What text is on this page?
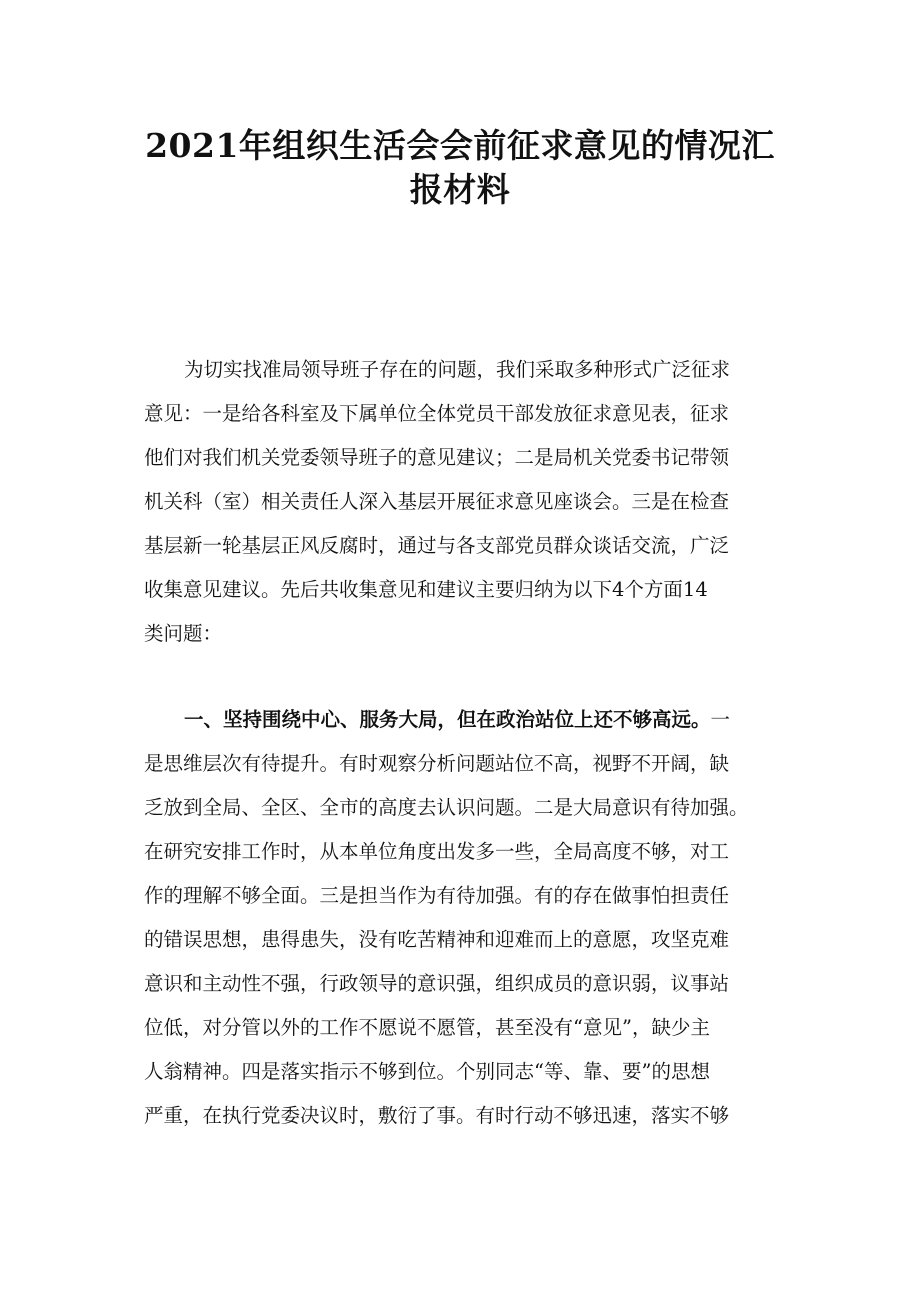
2021年组织生活会会前征求意见的情况汇
报材料
为切实找准局领导班子存在的问题，我们采取多种形式广泛征求
意见：一是给各科室及下属单位全体党员干部发放征求意见表，征求
他们对我们机关党委领导班子的意见建议；二是局机关党委书记带领
机关科（室）相关责任人深入基层开展征求意见座谈会。三是在检查
基层新一轮基层正风反腐时，通过与各支部党员群众谈话交流，广泛
收集意见建议。先后共收集意见和建议主要归纳为以下4个方面14
类问题：
一、坚持围绕中心、服务大局，但在政治站位上还不够高远。一
是思维层次有待提升。有时观察分析问题站位不高，视野不开阔，缺
乏放到全局、全区、全市的高度去认识问题。二是大局意识有待加强。
在研究安排工作时，从本单位角度出发多一些，全局高度不够，对工
作的理解不够全面。三是担当作为有待加强。有的存在做事怕担责任
的错误思想，患得患失，没有吃苦精神和迎难而上的意愿，攻坚克难
意识和主动性不强，行政领导的意识强，组织成员的意识弱，议事站
位低，对分管以外的工作不愿说不愿管，甚至没有“意见”，缺少主
人翁精神。四是落实指示不够到位。个别同志“等、靠、要”的思想
严重，在执行党委决议时，敷衍了事。有时行动不够迅速，落实不够
